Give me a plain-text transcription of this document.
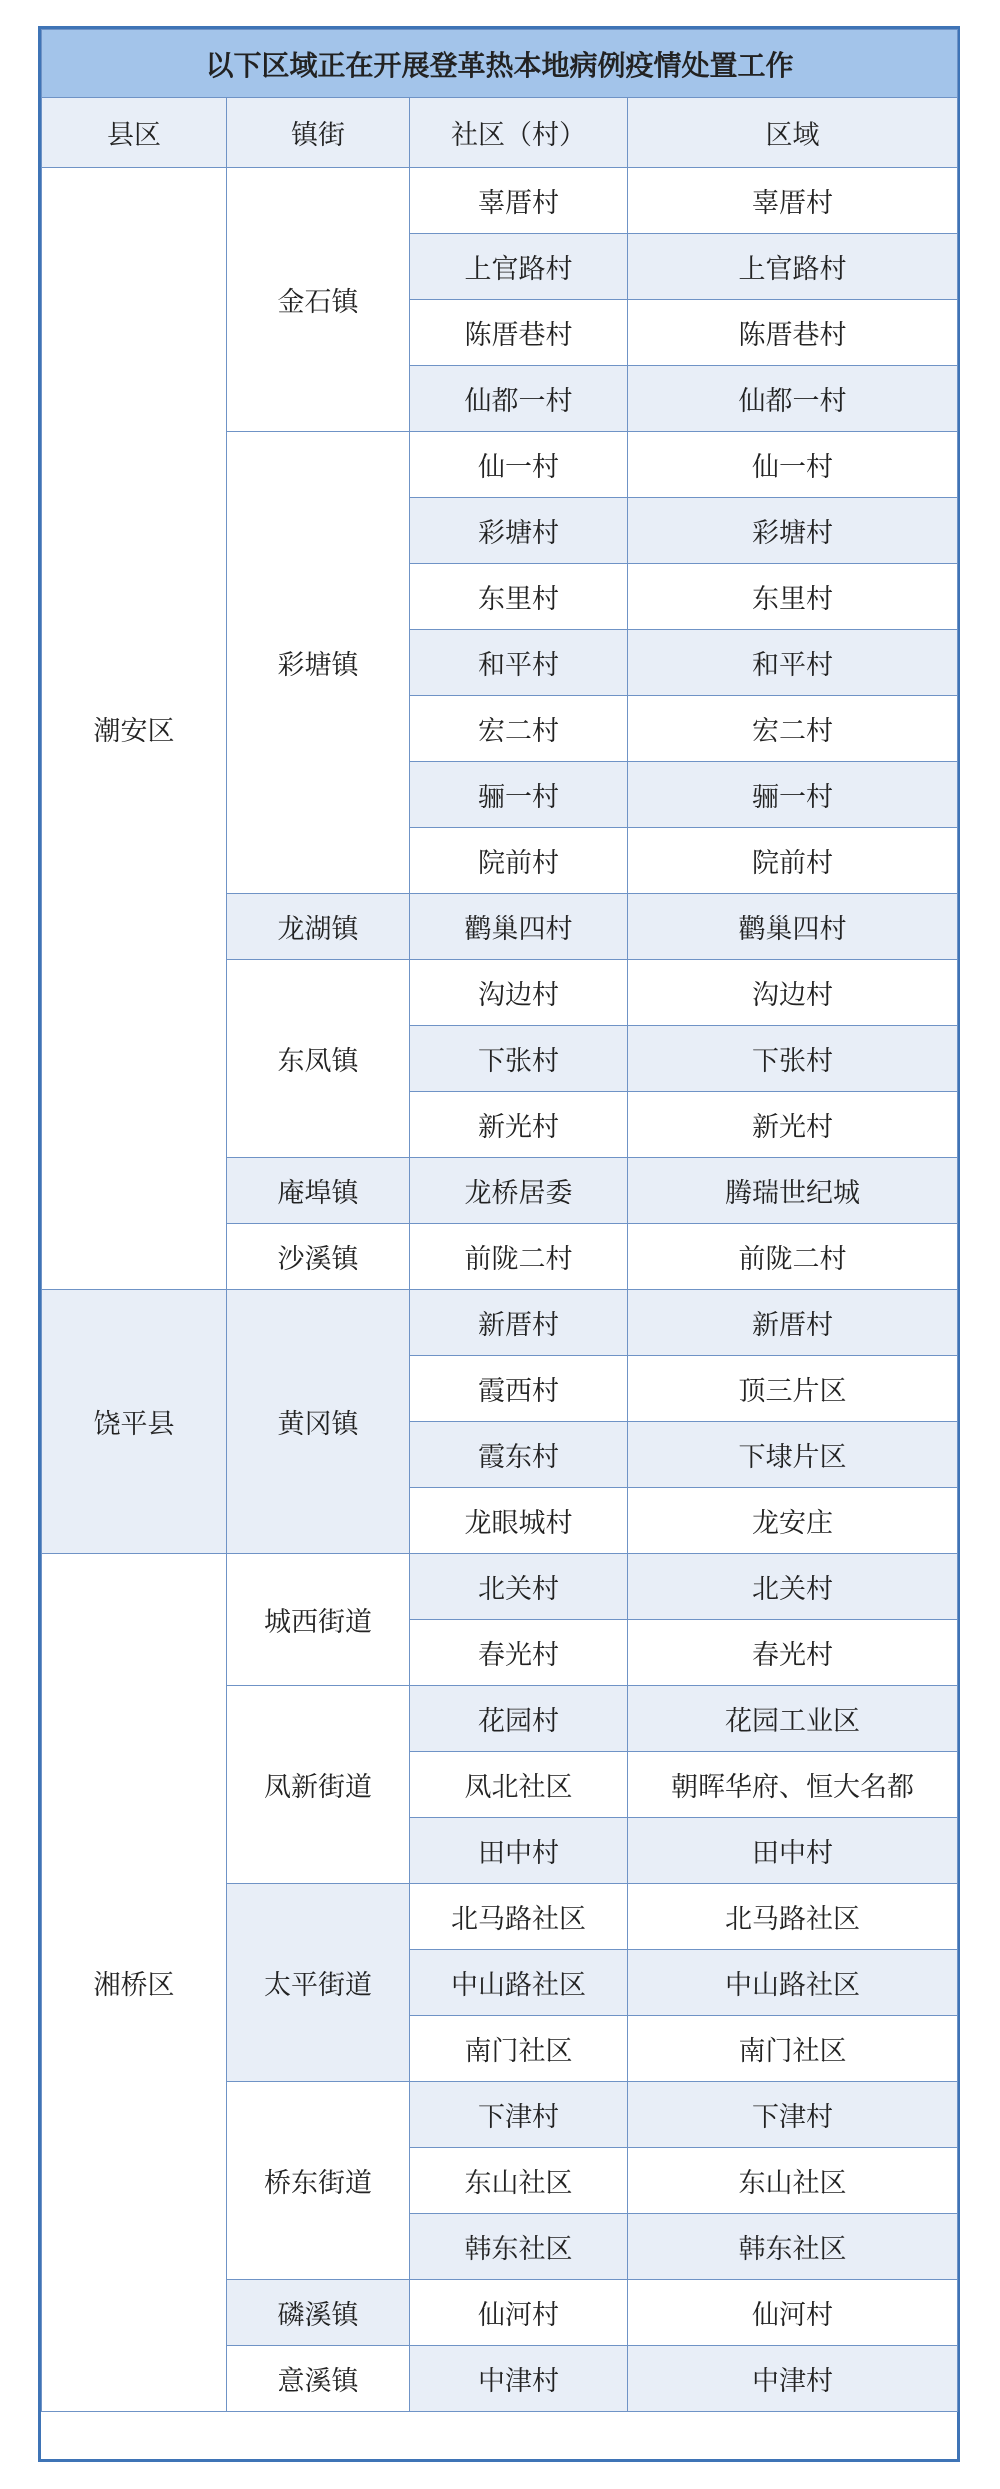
以下区域正在开展登革热本地病例疫情处置工作			
县区	镇街	社区（村）	区域
潮安区	金石镇	辜厝村	辜厝村
		上官路村	上官路村
		陈厝巷村	陈厝巷村
		仙都一村	仙都一村
	彩塘镇	仙一村	仙一村
		彩塘村	彩塘村
		东里村	东里村
		和平村	和平村
		宏二村	宏二村
		骊一村	骊一村
		院前村	院前村
	龙湖镇	鹳巢四村	鹳巢四村
	东凤镇	沟边村	沟边村
		下张村	下张村
		新光村	新光村
	庵埠镇	龙桥居委	腾瑞世纪城
	沙溪镇	前陇二村	前陇二村
饶平县	黄冈镇	新厝村	新厝村
		霞西村	顶三片区
		霞东村	下埭片区
		龙眼城村	龙安庄
湘桥区	城西街道	北关村	北关村
		春光村	春光村
	凤新街道	花园村	花园工业区
		凤北社区	朝晖华府、恒大名都
		田中村	田中村
	太平街道	北马路社区	北马路社区
		中山路社区	中山路社区
		南门社区	南门社区
	桥东街道	下津村	下津村
		东山社区	东山社区
		韩东社区	韩东社区
	磷溪镇	仙河村	仙河村
	意溪镇	中津村	中津村
